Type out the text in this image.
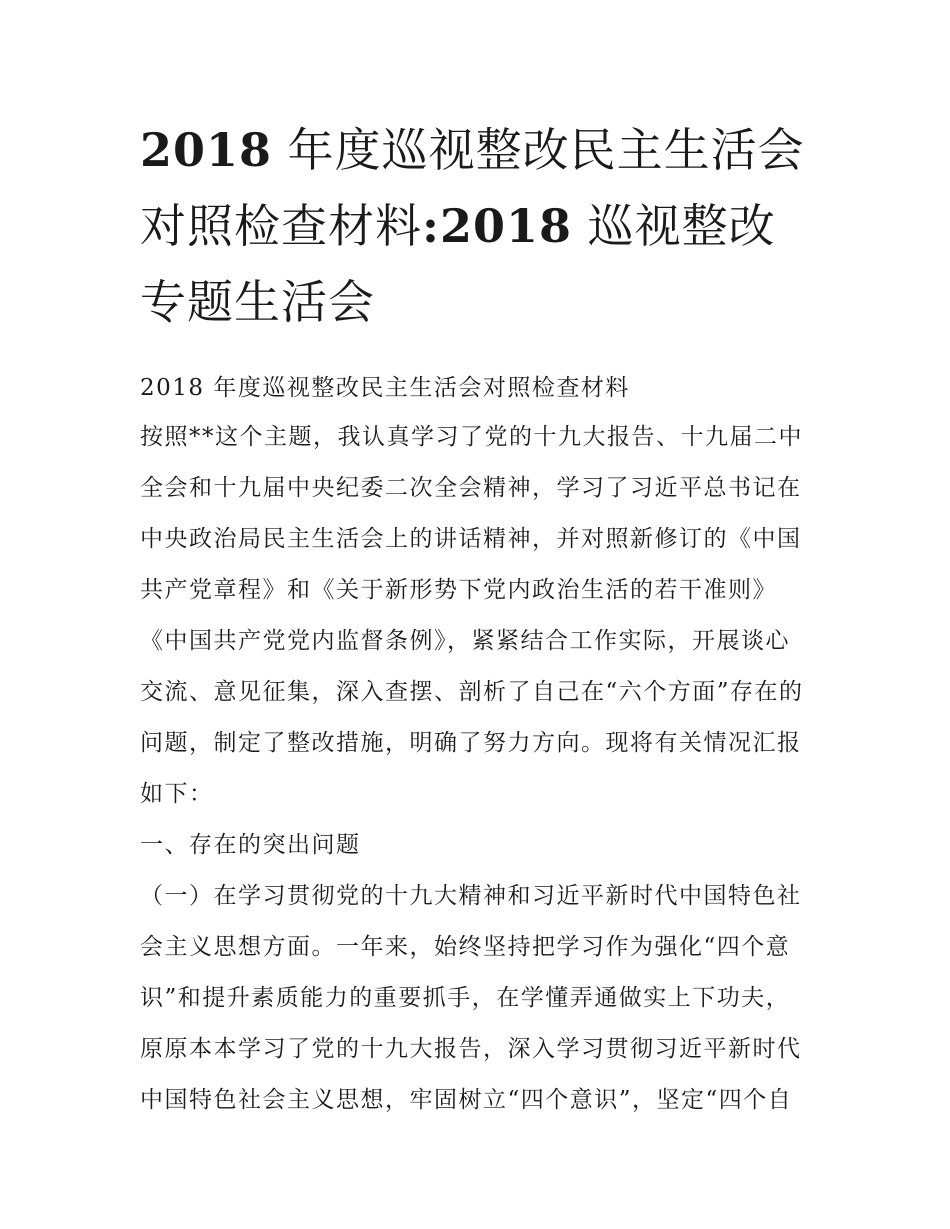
2018 年度巡视整改民主生活会
对照检查材料:2018 巡视整改
专题生活会
2018 年度巡视整改民主生活会对照检查材料
按照**这个主题，我认真学习了党的十九大报告、十九届二中
全会和十九届中央纪委二次全会精神，学习了习近平总书记在
中央政治局民主生活会上的讲话精神，并对照新修订的《中国
共产党章程》和《关于新形势下党内政治生活的若干准则》
《中国共产党党内监督条例》，紧紧结合工作实际，开展谈心
交流、意见征集，深入查摆、剖析了自己在“六个方面”存在的
问题，制定了整改措施，明确了努力方向。现将有关情况汇报
如下：
一、存在的突出问题
（一）在学习贯彻党的十九大精神和习近平新时代中国特色社
会主义思想方面。一年来，始终坚持把学习作为强化“四个意
识”和提升素质能力的重要抓手，在学懂弄通做实上下功夫，
原原本本学习了党的十九大报告，深入学习贯彻习近平新时代
中国特色社会主义思想，牢固树立“四个意识”，坚定“四个自
